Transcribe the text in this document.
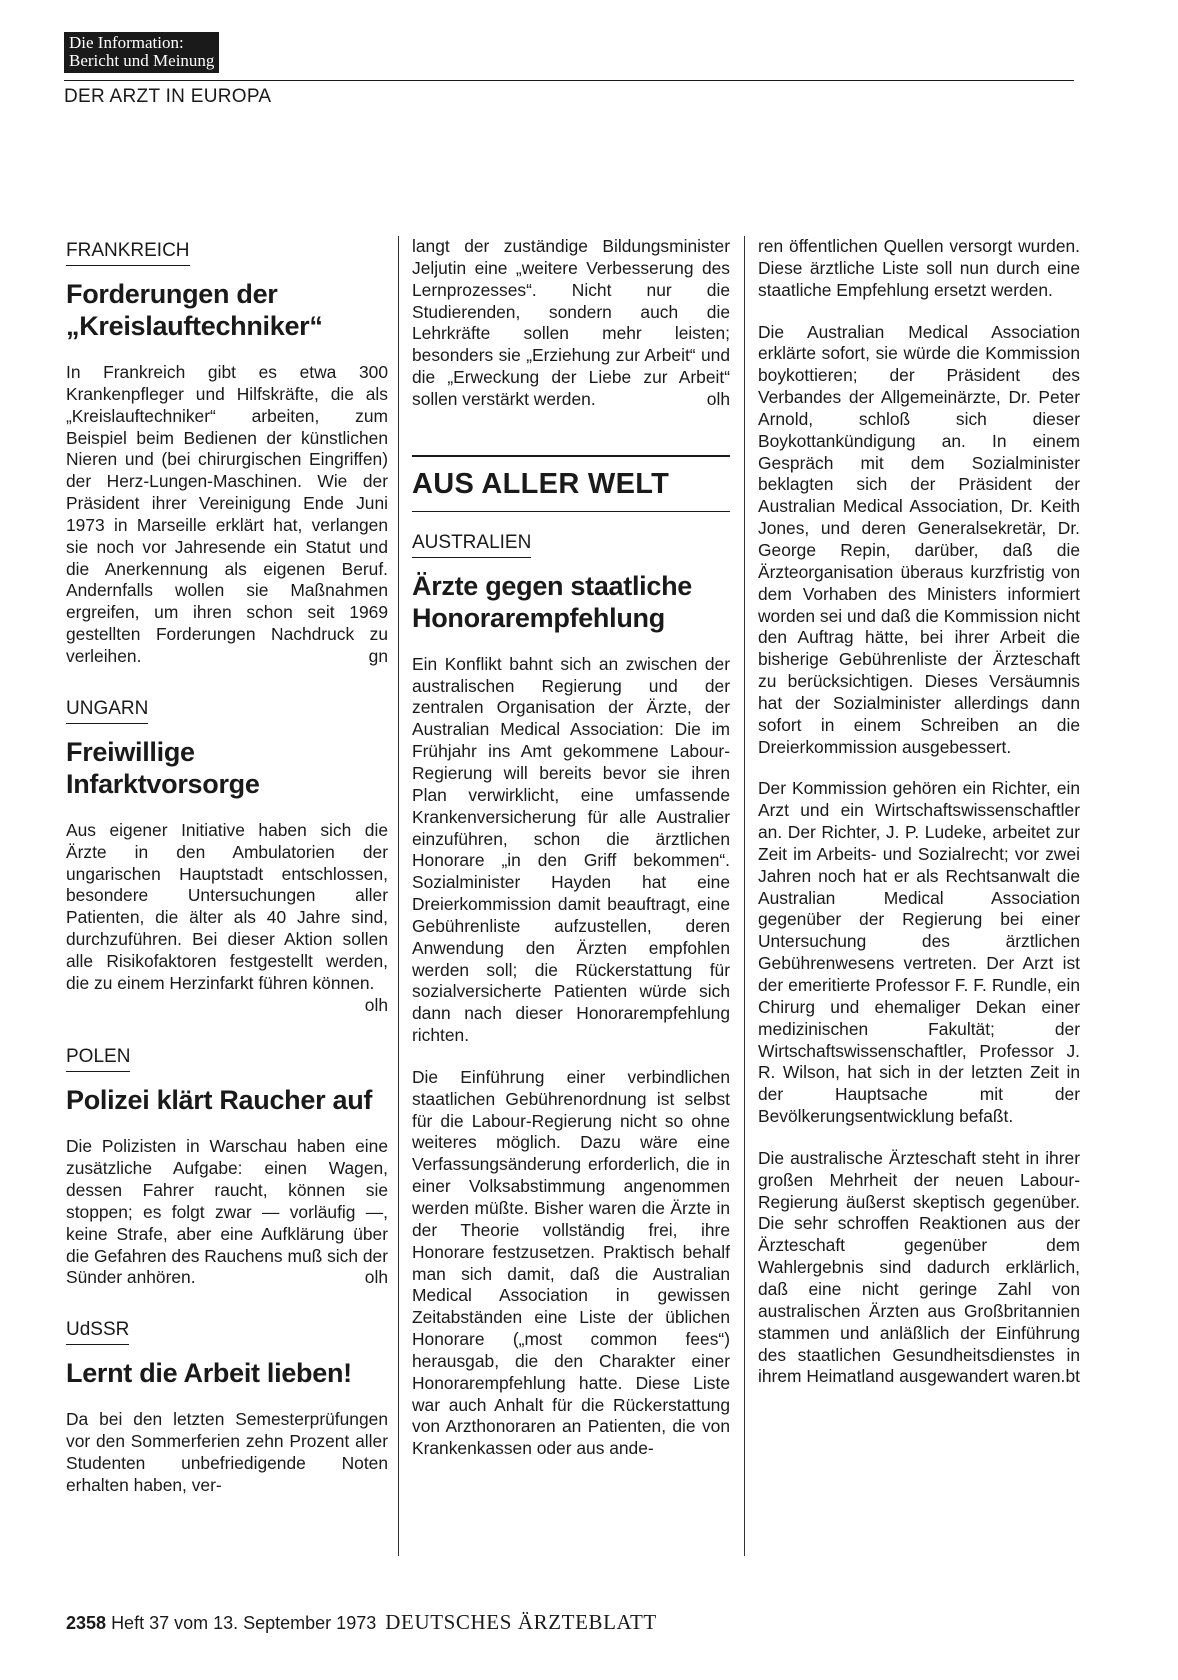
Die Information:
Bericht und Meinung
DER ARZT IN EUROPA
FRANKREICH
Forderungen der „Kreislauftechniker“

In Frankreich gibt es etwa 300 Krankenpfleger und Hilfskräfte, die als „Kreislauftechniker“ arbeiten, zum Beispiel beim Bedienen der künstlichen Nieren und (bei chirurgischen Eingriffen) der Herz-Lungen-Maschinen. Wie der Präsident ihrer Vereinigung Ende Juni 1973 in Marseille erklärt hat, verlangen sie noch vor Jahresende ein Statut und die Anerkennung als eigenen Beruf. Andernfalls wollen sie Maßnahmen ergreifen, um ihren schon seit 1969 gestellten Forderungen Nachdruck zu verleihen.	gn

UNGARN
Freiwillige Infarktvorsorge

Aus eigener Initiative haben sich die Ärzte in den Ambulatorien der ungarischen Hauptstadt entschlossen, besondere Untersuchungen aller Patienten, die älter als 40 Jahre sind, durchzuführen. Bei dieser Aktion sollen alle Risikofaktoren festgestellt werden, die zu einem Herzinfarkt führen können.
olh

POLEN
Polizei klärt Raucher auf

Die Polizisten in Warschau haben eine zusätzliche Aufgabe: einen Wagen, dessen Fahrer raucht, können sie stoppen; es folgt zwar — vorläufig —, keine Strafe, aber eine Aufklärung über die Gefahren des Rauchens muß sich der Sünder anhören.	olh

UdSSR
Lernt die Arbeit lieben!

Da bei den letzten Semesterprüfungen vor den Sommerferien zehn Prozent aller Studenten unbefriedigende Noten erhalten haben, ver-

langt der zuständige Bildungsminister Jeljutin eine „weitere Verbesserung des Lernprozesses“. Nicht nur die Studierenden, sondern auch die Lehrkräfte sollen mehr leisten; besonders sie „Erziehung zur Arbeit“ und die „Erweckung der Liebe zur Arbeit“ sollen verstärkt werden.	olh

AUS ALLER WELT
AUSTRALIEN
Ärzte gegen staatliche Honorarempfehlung

Ein Konflikt bahnt sich an zwischen der australischen Regierung und der zentralen Organisation der Ärzte, der Australian Medical Association: Die im Frühjahr ins Amt gekommene Labour-Regierung will bereits bevor sie ihren Plan verwirklicht, eine umfassende Krankenversicherung für alle Australier einzuführen, schon die ärztlichen Honorare „in den Griff bekommen“. Sozialminister Hayden hat eine Dreierkommission damit beauftragt, eine Gebührenliste aufzustellen, deren Anwendung den Ärzten empfohlen werden soll; die Rückerstattung für sozialversicherte Patienten würde sich dann nach dieser Honorarempfehlung richten.

Die Einführung einer verbindlichen staatlichen Gebührenordnung ist selbst für die Labour-Regierung nicht so ohne weiteres möglich. Dazu wäre eine Verfassungsänderung erforderlich, die in einer Volksabstimmung angenommen werden müßte. Bisher waren die Ärzte in der Theorie vollständig frei, ihre Honorare festzusetzen. Praktisch behalf man sich damit, daß die Australian Medical Association in gewissen Zeitabständen eine Liste der üblichen Honorare („most common fees“) herausgab, die den Charakter einer Honorarempfehlung hatte. Diese Liste war auch Anhalt für die Rückerstattung von Arzthonoraren an Patienten, die von Krankenkassen oder aus ande-

ren öffentlichen Quellen versorgt wurden. Diese ärztliche Liste soll nun durch eine staatliche Empfehlung ersetzt werden.

Die Australian Medical Association erklärte sofort, sie würde die Kommission boykottieren; der Präsident des Verbandes der Allgemeinärzte, Dr. Peter Arnold, schloß sich dieser Boykottankündigung an. In einem Gespräch mit dem Sozialminister beklagten sich der Präsident der Australian Medical Association, Dr. Keith Jones, und deren Generalsekretär, Dr. George Repin, darüber, daß die Ärzteorganisation überaus kurzfristig von dem Vorhaben des Ministers informiert worden sei und daß die Kommission nicht den Auftrag hätte, bei ihrer Arbeit die bisherige Gebührenliste der Ärzteschaft zu berücksichtigen. Dieses Versäumnis hat der Sozialminister allerdings dann sofort in einem Schreiben an die Dreierkommission ausgebessert.

Der Kommission gehören ein Richter, ein Arzt und ein Wirtschaftswissenschaftler an. Der Richter, J. P. Ludeke, arbeitet zur Zeit im Arbeits- und Sozialrecht; vor zwei Jahren noch hat er als Rechtsanwalt die Australian Medical Association gegenüber der Regierung bei einer Untersuchung des ärztlichen Gebührenwesens vertreten. Der Arzt ist der emeritierte Professor F. F. Rundle, ein Chirurg und ehemaliger Dekan einer medizinischen Fakultät; der Wirtschaftswissenschaftler, Professor J. R. Wilson, hat sich in der letzten Zeit in der Hauptsache mit der Bevölkerungsentwicklung befaßt.

Die australische Ärzteschaft steht in ihrer großen Mehrheit der neuen Labour-Regierung äußerst skeptisch gegenüber. Die sehr schroffen Reaktionen aus der Ärzteschaft gegenüber dem Wahlergebnis sind dadurch erklärlich, daß eine nicht geringe Zahl von australischen Ärzten aus Großbritannien stammen und anläßlich der Einführung des staatlichen Gesundheitsdienstes in ihrem Heimatland ausgewandert waren. bt

2358 Heft 37 vom 13. September 1973 DEUTSCHES ÄRZTEBLATT
